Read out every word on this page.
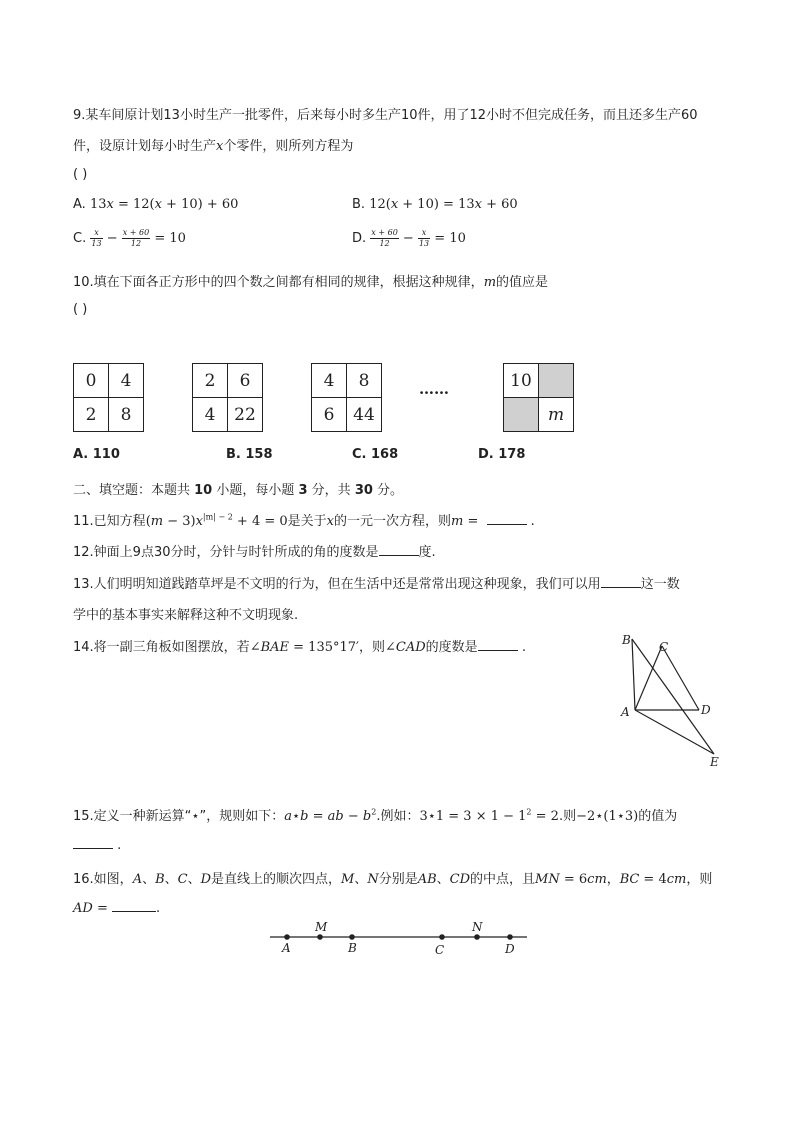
9.某车间原计划13小时生产一批零件，后来每小时多生产10件，用了12小时不但完成任务，而且还多生产60
件，设原计划每小时生产x个零件，则所列方程为
( )
A. 13𝑥 = 12(𝑥 + 10) + 60	B. 12(𝑥 + 10) = 13𝑥 + 60
C. $\frac{x}{13} - \frac{x + 60}{12} = 10$	D. $\frac{x + 60}{12} - \frac{x}{13} = 10$
10.填在下面各正方形中的四个数之间都有相同的规律，根据这种规律，m的值应是
( )
0	4
2	8
2	6
4	22
4	8
6	44
……	10	
	m
A. 110	B. 158	C. 168	D. 178
二、填空题：本题共 10 小题，每小题 3 分，共 30 分。
11.已知方程(𝑚 − 3)𝑥$^{|m| - 2}$ + 4 = 0是关于x的一元一次方程，则𝑚 =	.
12.钟面上9点30分时，分针与时针所成的角的度数是	度.
13.人们明明知道践踏草坪是不文明的行为，但在生活中还是常常出现这种现象，我们可以用	这一数
学中的基本事实来解释这种不文明现象.
14.将一副三角板如图摆放，若∠𝐵𝐴𝐸 = 135°17′，则∠𝐶𝐴𝐷的度数是	.	B C
A	D
E
15.定义一种新运算“⋆”，规则如下：𝑎⋆𝑏 = 𝑎𝑏 − 𝑏$^2$.例如：3⋆1 = $3 \times 1 - 1^2 = 2$.则−2⋆(1⋆3)的值为
.
16.如图，𝐴、𝐵、𝐶、𝐷是直线上的顺次四点，𝑀、𝑁分别是𝐴𝐵、𝐶𝐷的中点，且𝑀𝑁 = 6𝑐𝑚，𝐵𝐶 = 4𝑐𝑚，则
𝐴𝐷 =	.
A
M
B	C
N
D
